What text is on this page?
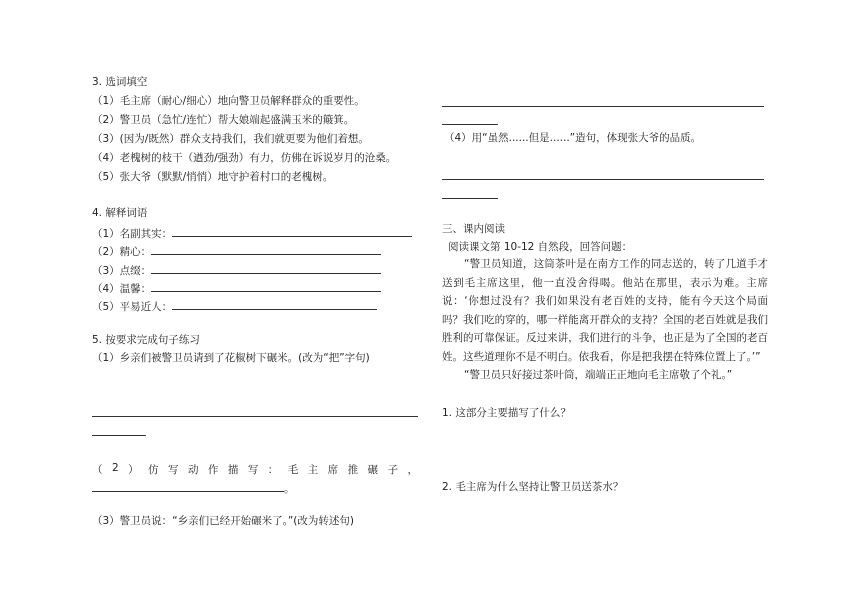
3. 选词填空
（1）毛主席（耐心/细心）地向警卫员解释群众的重要性。
（2）警卫员（急忙/连忙）帮大娘端起盛满玉米的簸箕。
（3）(因为/既然）群众支持我们，我们就更要为他们着想。
（4）老槐树的枝干（遒劲/强劲）有力，仿佛在诉说岁月的沧桑。
（5）张大爷（默默/悄悄）地守护着村口的老槐树。
4. 解释词语
（1）名副其实：
（2）精心：
（3）点缀：
（4）温馨：
（5）平易近人：
5. 按要求完成句子练习
（1）乡亲们被警卫员请到了花椒树下碾米。(改为“把”字句)
（ 2 ） 仿 写 动 作 描 写 ： 毛 主 席 推 碾 子 ，
。
（3）警卫员说：“乡亲们已经开始碾米了。”(改为转述句)
（4）用“虽然......但是......”造句，体现张大爷的品质。
三、课内阅读
阅读课文第 10-12 自然段，回答问题：
“警卫员知道，这筒茶叶是在南方工作的同志送的，转了几道手才送到毛主席这里，他一直没舍得喝。他站在那里，表示为难。主席说：‘你想过没有？我们如果没有老百姓的支持，能有今天这个局面吗？我们吃的穿的，哪一样能离开群众的支持？全国的老百姓就是我们胜利的可靠保证。反过来讲，我们进行的斗争，也正是为了全国的老百姓。这些道理你不是不明白。依我看，你是把我摆在特殊位置上了。’”
“警卫员只好接过茶叶筒，端端正正地向毛主席敬了个礼。”
1. 这部分主要描写了什么？
2. 毛主席为什么坚持让警卫员送茶水？
